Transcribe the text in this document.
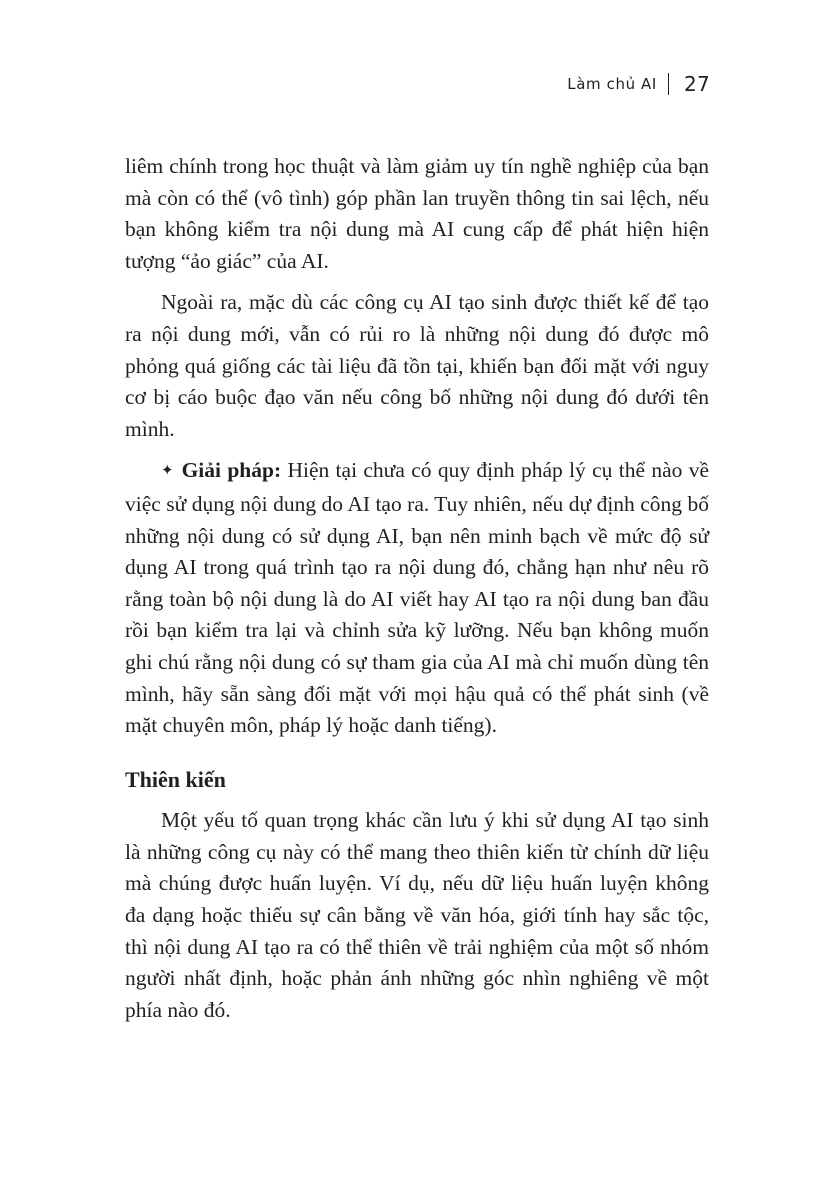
Làm chủ AI 27

liêm chính trong học thuật và làm giảm uy tín nghề nghiệp của bạn mà còn có thể (vô tình) góp phần lan truyền thông tin sai lệch, nếu bạn không kiểm tra nội dung mà AI cung cấp để phát hiện hiện tượng “ảo giác” của AI.

Ngoài ra, mặc dù các công cụ AI tạo sinh được thiết kế để tạo ra nội dung mới, vẫn có rủi ro là những nội dung đó được mô phỏng quá giống các tài liệu đã tồn tại, khiến bạn đối mặt với nguy cơ bị cáo buộc đạo văn nếu công bố những nội dung đó dưới tên mình.

✦ Giải pháp: Hiện tại chưa có quy định pháp lý cụ thể nào về việc sử dụng nội dung do AI tạo ra. Tuy nhiên, nếu dự định công bố những nội dung có sử dụng AI, bạn nên minh bạch về mức độ sử dụng AI trong quá trình tạo ra nội dung đó, chẳng hạn như nêu rõ rằng toàn bộ nội dung là do AI viết hay AI tạo ra nội dung ban đầu rồi bạn kiểm tra lại và chỉnh sửa kỹ lưỡng. Nếu bạn không muốn ghi chú rằng nội dung có sự tham gia của AI mà chỉ muốn dùng tên mình, hãy sẵn sàng đối mặt với mọi hậu quả có thể phát sinh (về mặt chuyên môn, pháp lý hoặc danh tiếng).

Thiên kiến

Một yếu tố quan trọng khác cần lưu ý khi sử dụng AI tạo sinh là những công cụ này có thể mang theo thiên kiến từ chính dữ liệu mà chúng được huấn luyện. Ví dụ, nếu dữ liệu huấn luyện không đa dạng hoặc thiếu sự cân bằng về văn hóa, giới tính hay sắc tộc, thì nội dung AI tạo ra có thể thiên về trải nghiệm của một số nhóm người nhất định, hoặc phản ánh những góc nhìn nghiêng về một phía nào đó.
